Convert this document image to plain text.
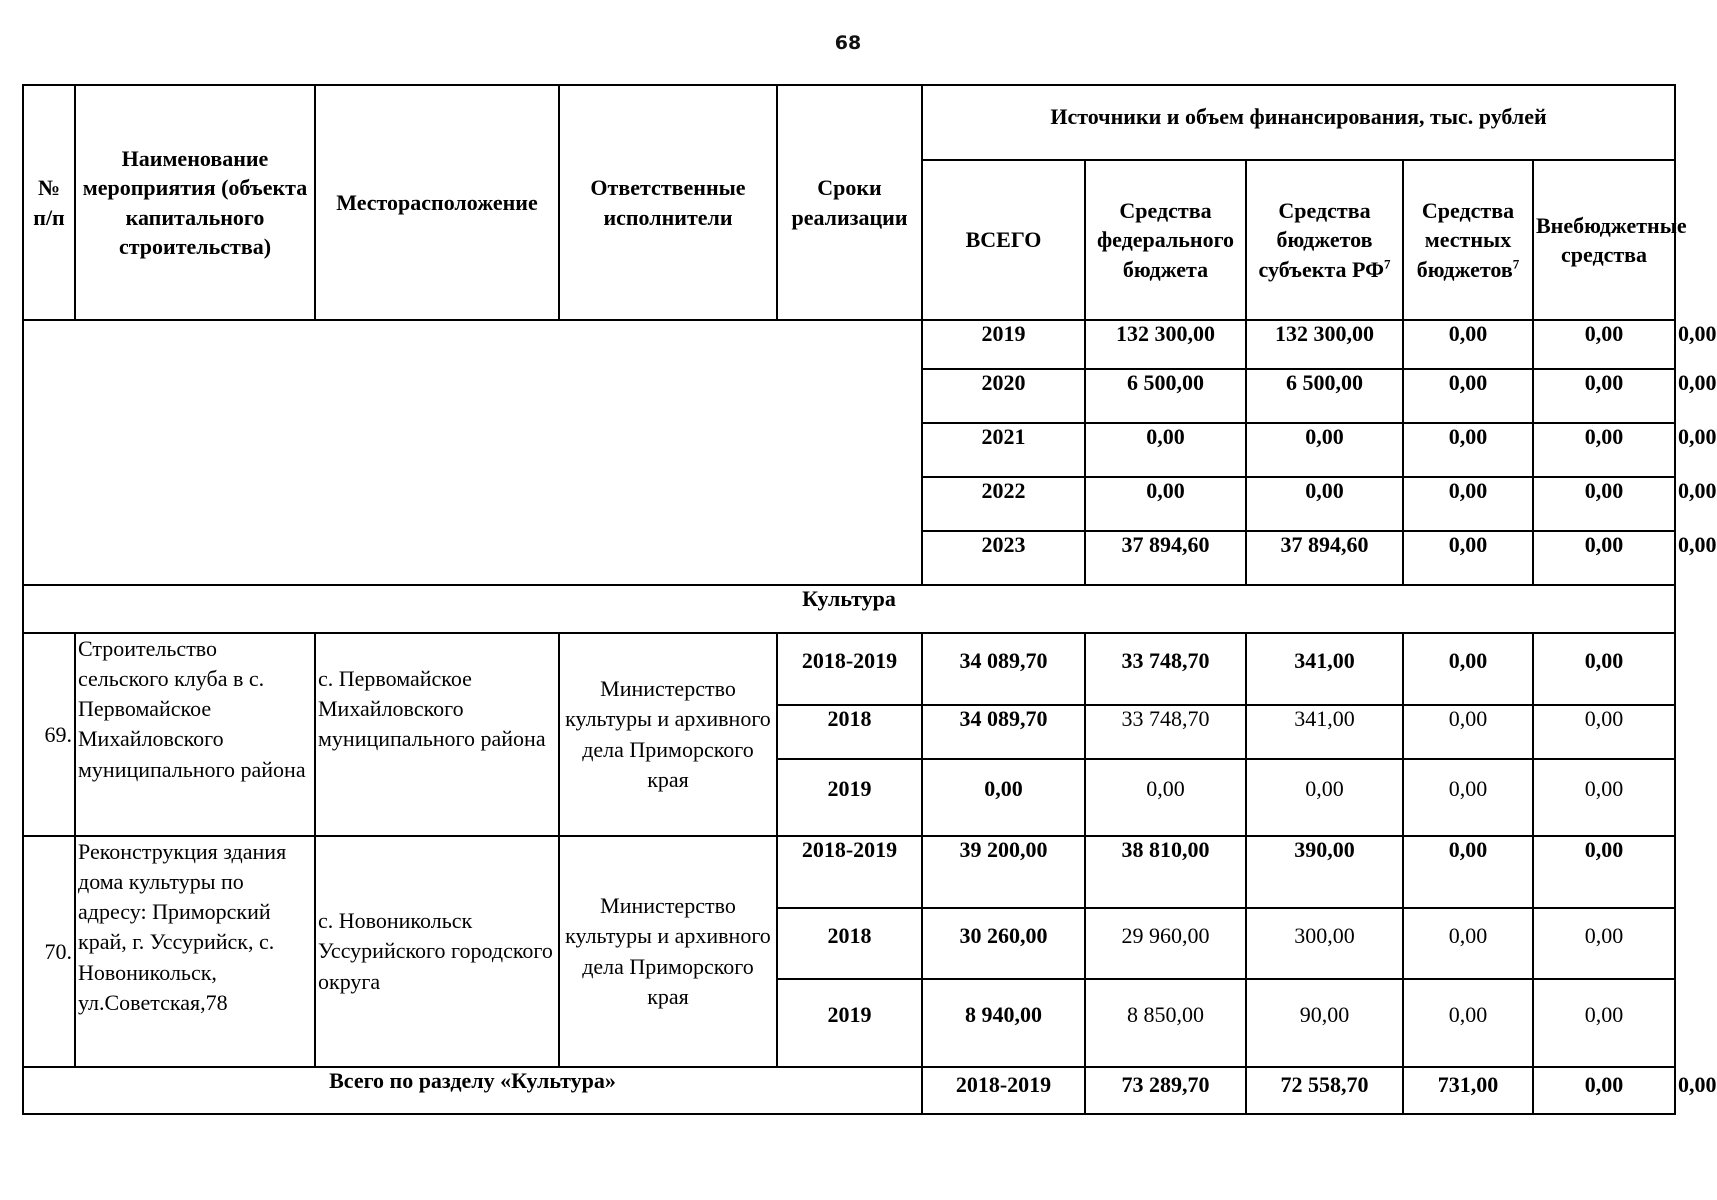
68
№ п/п	Наименование мероприятия (объекта капитального строительства)	Месторасположение	Ответственные исполнители	Сроки реализации	Источники и объем финансирования, тыс. рублей					
					ВСЕГО	Средства федерального бюджета	Средства бюджетов субъекта $РФ^7$	Средства местных бюджетов$^7$	Внебюджетные средства	
					2019	132 300,00	132 300,00	0,00	0,00	0,00
					2020	6 500,00	6 500,00	0,00	0,00	0,00
					2021	0,00	0,00	0,00	0,00	0,00
					2022	0,00	0,00	0,00	0,00	0,00
					2023	37 894,60	37 894,60	0,00	0,00	0,00
Культура										
69.	Строительство сельского клуба в с. Первомайское Михайловского муниципального района	с. Первомайское Михайловского муниципального района	Министерство культуры и архивного дела Приморского края	2018-2019	34 089,70	33 748,70	341,00	0,00	0,00	
				2018	34 089,70	33 748,70	341,00	0,00	0,00	
				2019	0,00	0,00	0,00	0,00	0,00	
70.	Реконструкция здания дома культуры по адресу: Приморский край, г. Уссурийск, с. Новоникольск, ул.Советская,78	с. Новоникольск Уссурийского городского округа	Министерство культуры и архивного дела Приморского края	2018-2019	39 200,00	38 810,00	390,00	0,00	0,00	
				2018	30 260,00	29 960,00	300,00	0,00	0,00	
				2019	8 940,00	8 850,00	90,00	0,00	0,00	
Всего по разделу «Культура»					2018-2019	73 289,70	72 558,70	731,00	0,00	0,00
